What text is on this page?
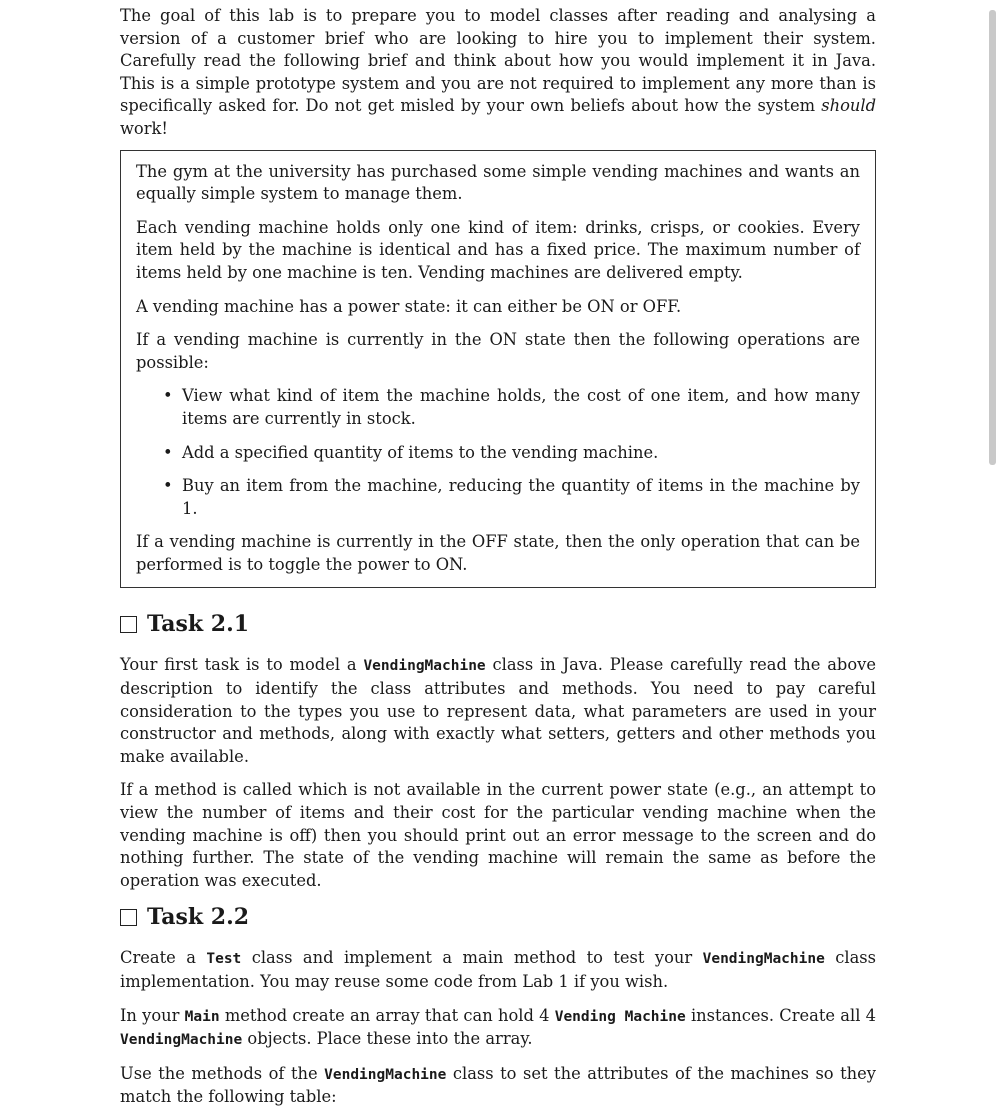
The goal of this lab is to prepare you to model classes after reading and analysing a version of a customer brief who are looking to hire you to implement their system. Carefully read the following brief and think about how you would implement it in Java. This is a simple prototype system and you are not required to implement any more than is specifically asked for. Do not get misled by your own beliefs about how the system should work!

The gym at the university has purchased some simple vending machines and wants an equally simple system to manage them.

Each vending machine holds only one kind of item: drinks, crisps, or cookies. Every item held by the machine is identical and has a fixed price. The maximum number of items held by one machine is ten. Vending machines are delivered empty.

A vending machine has a power state: it can either be ON or OFF.

If a vending machine is currently in the ON state then the following operations are possible:

• View what kind of item the machine holds, the cost of one item, and how many items are currently in stock.
• Add a specified quantity of items to the vending machine.
• Buy an item from the machine, reducing the quantity of items in the machine by 1.

If a vending machine is currently in the OFF state, then the only operation that can be performed is to toggle the power to ON.

Task 2.1

Your first task is to model a VendingMachine class in Java. Please carefully read the above description to identify the class attributes and methods. You need to pay careful consideration to the types you use to represent data, what parameters are used in your constructor and methods, along with exactly what setters, getters and other methods you make available.

If a method is called which is not available in the current power state (e.g., an attempt to view the number of items and their cost for the particular vending machine when the vending machine is off) then you should print out an error message to the screen and do nothing further. The state of the vending machine will remain the same as before the operation was executed.

Task 2.2

Create a Test class and implement a main method to test your VendingMachine class implementation. You may reuse some code from Lab 1 if you wish.

In your Main method create an array that can hold 4 Vending Machine instances. Create all 4 VendingMachine objects. Place these into the array.

Use the methods of the VendingMachine class to set the attributes of the machines so they match the following table:
